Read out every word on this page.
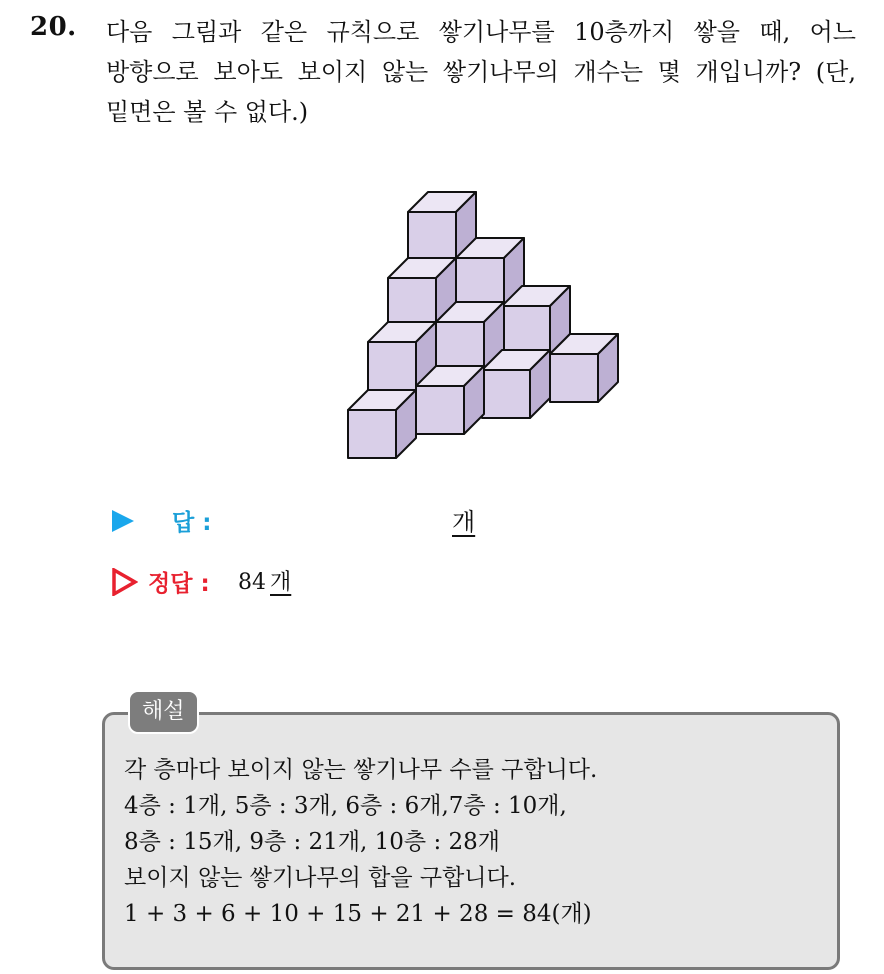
20. 다음 그림과 같은 규칙으로 쌓기나무를 10층까지 쌓을 때, 어느
방향으로 보아도 보이지 않는 쌓기나무의 개수는 몇 개입니까? (단,
밑면은 볼 수 없다.)
답 :	개
정답 : 84 개
해설
각 층마다 보이지 않는 쌓기나무 수를 구합니다.
4층 : 1개, 5층 : 3개, 6층 : 6개,7층 : 10개,
8층 : 15개, 9층 : 21개, 10층 : 28개
보이지 않는 쌓기나무의 합을 구합니다.
1 + 3 + 6 + 10 + 15 + 21 + 28 = 84(개)
